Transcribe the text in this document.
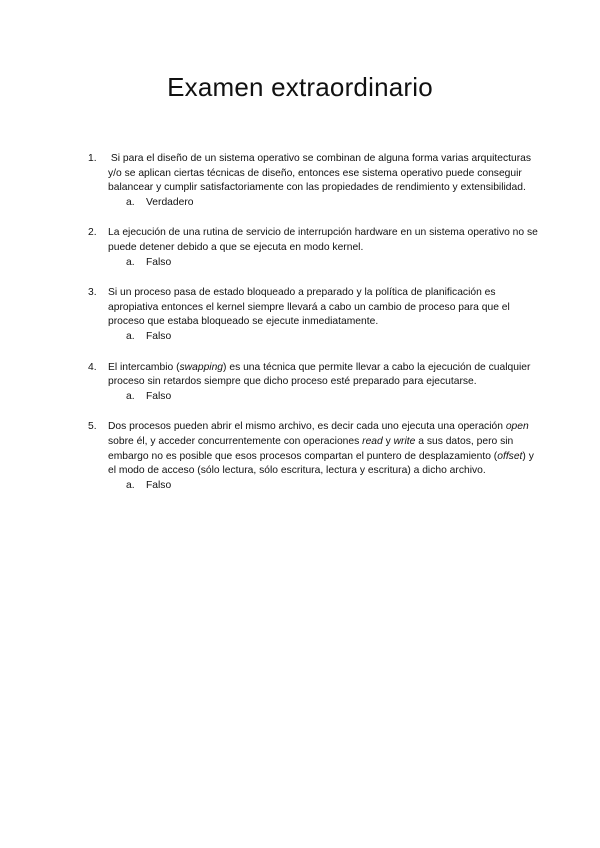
Examen extraordinario
1. Si para el diseño de un sistema operativo se combinan de alguna forma varias arquitecturas y/o se aplican ciertas técnicas de diseño, entonces ese sistema operativo puede conseguir balancear y cumplir satisfactoriamente con las propiedades de rendimiento y extensibilidad.
a. Verdadero
2. La ejecución de una rutina de servicio de interrupción hardware en un sistema operativo no se puede detener debido a que se ejecuta en modo kernel.
a. Falso
3. Si un proceso pasa de estado bloqueado a preparado y la política de planificación es apropiativa entonces el kernel siempre llevará a cabo un cambio de proceso para que el proceso que estaba bloqueado se ejecute inmediatamente.
a. Falso
4. El intercambio (swapping) es una técnica que permite llevar a cabo la ejecución de cualquier proceso sin retardos siempre que dicho proceso esté preparado para ejecutarse.
a. Falso
5. Dos procesos pueden abrir el mismo archivo, es decir cada uno ejecuta una operación open sobre él, y acceder concurrentemente con operaciones read y write a sus datos, pero sin embargo no es posible que esos procesos compartan el puntero de desplazamiento (offset) y el modo de acceso (sólo lectura, sólo escritura, lectura y escritura) a dicho archivo.
a. Falso
